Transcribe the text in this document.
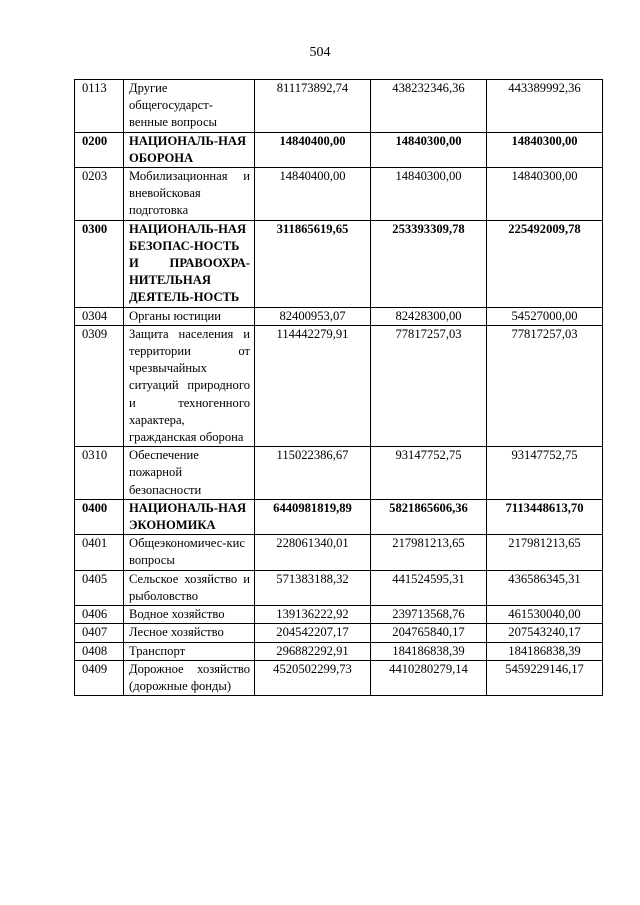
504
0113	Другие общегосударст-венные вопросы	811173892,74	438232346,36	443389992,36
0200	НАЦИОНАЛЬ-НАЯ ОБОРОНА	14840400,00	14840300,00	14840300,00
0203	Мобилизационная и вневойсковая подготовка	14840400,00	14840300,00	14840300,00
0300	НАЦИОНАЛЬ-НАЯ БЕЗОПАС-НОСТЬ И ПРАВООХРА-НИТЕЛЬНАЯ ДЕЯТЕЛЬ-НОСТЬ	311865619,65	253393309,78	225492009,78
0304	Органы юстиции	82400953,07	82428300,00	54527000,00
0309	Защита населения и территории от чрезвычайных ситуаций природного и техногенного характера, гражданская оборона	114442279,91	77817257,03	77817257,03
0310	Обеспечение пожарной безопасности	115022386,67	93147752,75	93147752,75
0400	НАЦИОНАЛЬ-НАЯ ЭКОНОМИКА	6440981819,89	5821865606,36	7113448613,70
0401	Общеэкономичес-кис вопросы	228061340,01	217981213,65	217981213,65
0405	Сельское хозяйство и рыболовство	571383188,32	441524595,31	436586345,31
0406	Водное хозяйство	139136222,92	239713568,76	461530040,00
0407	Лесное хозяйство	204542207,17	204765840,17	207543240,17
0408	Транспорт	296882292,91	184186838,39	184186838,39
0409	Дорожное хозяйство (дорожные фонды)	4520502299,73	4410280279,14	5459229146,17
